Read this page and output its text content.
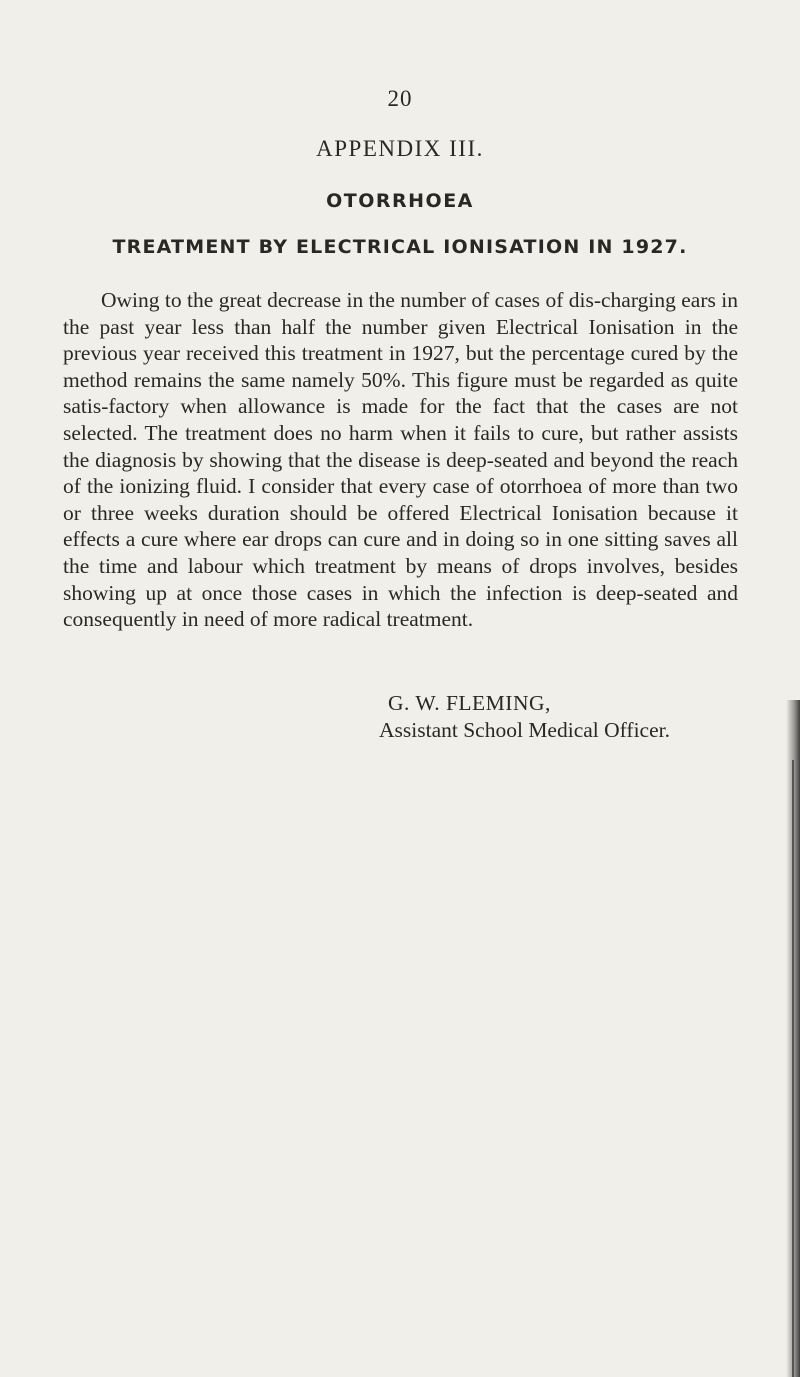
20
APPENDIX III.
OTORRHOEA
TREATMENT BY ELECTRICAL IONISATION IN 1927.

Owing to the great decrease in the number of cases of dis-charging ears in the past year less than half the number given Electrical Ionisation in the previous year received this treatment in 1927, but the percentage cured by the method remains the same namely 50%. This figure must be regarded as quite satis-factory when allowance is made for the fact that the cases are not selected. The treatment does no harm when it fails to cure, but rather assists the diagnosis by showing that the disease is deep-seated and beyond the reach of the ionizing fluid. I consider that every case of otorrhoea of more than two or three weeks duration should be offered Electrical Ionisation because it effects a cure where ear drops can cure and in doing so in one sitting saves all the time and labour which treatment by means of drops involves, besides showing up at once those cases in which the infection is deep-seated and consequently in need of more radical treatment.

G. W. FLEMING,
Assistant School Medical Officer.
